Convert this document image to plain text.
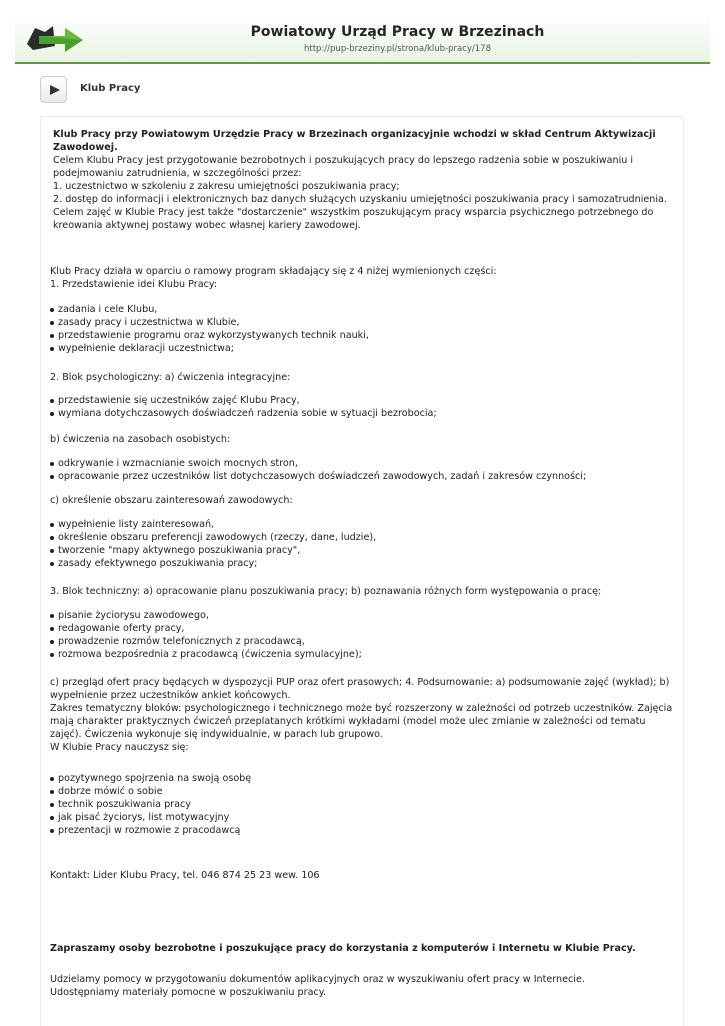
Powiatowy Urząd Pracy w Brzezinach
http://pup-brzeziny.pl/strona/klub-pracy/178
Klub Pracy

Klub Pracy przy Powiatowym Urzędzie Pracy w Brzezinach organizacyjnie wchodzi w skład Centrum Aktywizacji Zawodowej.

Celem Klubu Pracy jest przygotowanie bezrobotnych i poszukujących pracy do lepszego radzenia sobie w poszukiwaniu i podejmowaniu zatrudnienia, w szczególności przez:

1. uczestnictwo w szkoleniu z zakresu umiejętności poszukiwania pracy;

2. dostęp do informacji i elektronicznych baz danych służących uzyskaniu umiejętności poszukiwania pracy i samozatrudnienia.

Celem zajęć w Klubie Pracy jest także "dostarczenie" wszystkim poszukującym pracy wsparcia psychicznego potrzebnego do kreowania aktywnej postawy wobec własnej kariery zawodowej.

Klub Pracy działa w oparciu o ramowy program składający się z 4 niżej wymienionych części:

1. Przedstawienie idei Klubu Pracy:

zadania i cele Klubu,
zasady pracy i uczestnictwa w Klubie,
przedstawienie programu oraz wykorzystywanych technik nauki,
wypełnienie deklaracji uczestnictwa;
2. Blok psychologiczny: a) ćwiczenia integracyjne:
przedstawienie się uczestników zajęć Klubu Pracy,
wymiana dotychczasowych doświadczeń radzenia sobie w sytuacji bezrobocia;
b) ćwiczenia na zasobach osobistych:
odkrywanie i wzmacnianie swoich mocnych stron,
opracowanie przez uczestników list dotychczasowych doświadczeń zawodowych, zadań i zakresów czynności;
c) określenie obszaru zainteresowań zawodowych:
wypełnienie listy zainteresowań,
określenie obszaru preferencji zawodowych (rzeczy, dane, ludzie),
tworzenie "mapy aktywnego poszukiwania pracy",
zasady efektywnego poszukiwania pracy;
3. Blok techniczny: a) opracowanie planu poszukiwania pracy; b) poznawania różnych form występowania o pracę:
pisanie życiorysu zawodowego,
redagowanie oferty pracy,
prowadzenie rozmów telefonicznych z pracodawcą,
rozmowa bezpośrednia z pracodawcą (ćwiczenia symulacyjne);

c) przegląd ofert pracy będących w dyspozycji PUP oraz ofert prasowych; 4. Podsumowanie: a) podsumowanie zajęć (wykład); b) wypełnienie przez uczestników ankiet końcowych.

Zakres tematyczny bloków: psychologicznego i technicznego może być rozszerzony w zależności od potrzeb uczestników. Zajęcia mają charakter praktycznych ćwiczeń przeplatanych krótkimi wykładami (model może ulec zmianie w zależności od tematu zajęć). Ćwiczenia wykonuje się indywidualnie, w parach lub grupowo.

W Klubie Pracy nauczysz się:

pozytywnego spojrzenia na swoją osobę
dobrze mówić o sobie
technik poszukiwania pracy
jak pisać życiorys, list motywacyjny
prezentacji w rozmowie z pracodawcą
Kontakt: Lider Klubu Pracy, tel. 046 874 25 23 wew. 106
Zapraszamy osoby bezrobotne i poszukujące pracy do korzystania z komputerów i Internetu w Klubie Pracy.

Udzielamy pomocy w przygotowaniu dokumentów aplikacyjnych oraz w wyszukiwaniu ofert pracy w Internecie.

Udostępniamy materiały pomocne w poszukiwaniu pracy.
